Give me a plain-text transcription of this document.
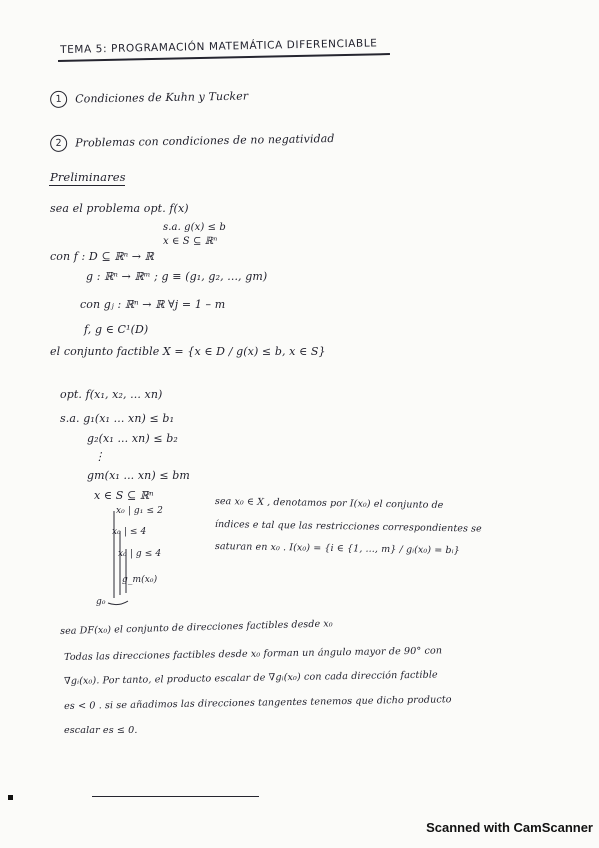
TEMA 5: PROGRAMACIÓN MATEMÁTICA DIFERENCIABLE
1	Condiciones de Kuhn y Tucker
2	Problemas con condiciones de no negatividad
Preliminares
sea el problema opt. f(x)
s.a. g(x) ≤ b
x ∈ S ⊆ ℝⁿ
con f : D ⊆ ℝⁿ → ℝ
g : ℝⁿ → ℝᵐ ; g ≡ (g₁, g₂, ..., gm)
con gⱼ : ℝⁿ → ℝ ∀j = 1 – m
f, g ∈ C¹(D)
el conjunto factible X = {x ∈ D / g(x) ≤ b, x ∈ S}
opt. f(x₁, x₂, ... xn)
s.a. g₁(x₁ ... xn) ≤ b₁
g₂(x₁ ... xn) ≤ b₂
⋮
gm(x₁ ... xn) ≤ bm
x ∈ S ⊆ ℝⁿ
x₀ | g₁ ≤ 2
x₀ | ≤ 4
x₀ | g ≤ 4
g_m(x₀)
g₀
sea x₀ ∈ X , denotamos por I(x₀) el conjunto de
índices e tal que las restricciones correspondientes se
saturan en x₀ . I(x₀) = {i ∈ {1, ..., m} / gᵢ(x₀) = bᵢ}
sea DF(x₀) el conjunto de direcciones factibles desde x₀
Todas las direcciones factibles desde x₀ forman un ángulo mayor de 90° con
∇gᵢ(x₀). Por tanto, el producto escalar de ∇gᵢ(x₀) con cada dirección factible
es < 0 . si se añadimos las direcciones tangentes tenemos que dicho producto
escalar es ≤ 0.
Scanned with CamScanner
